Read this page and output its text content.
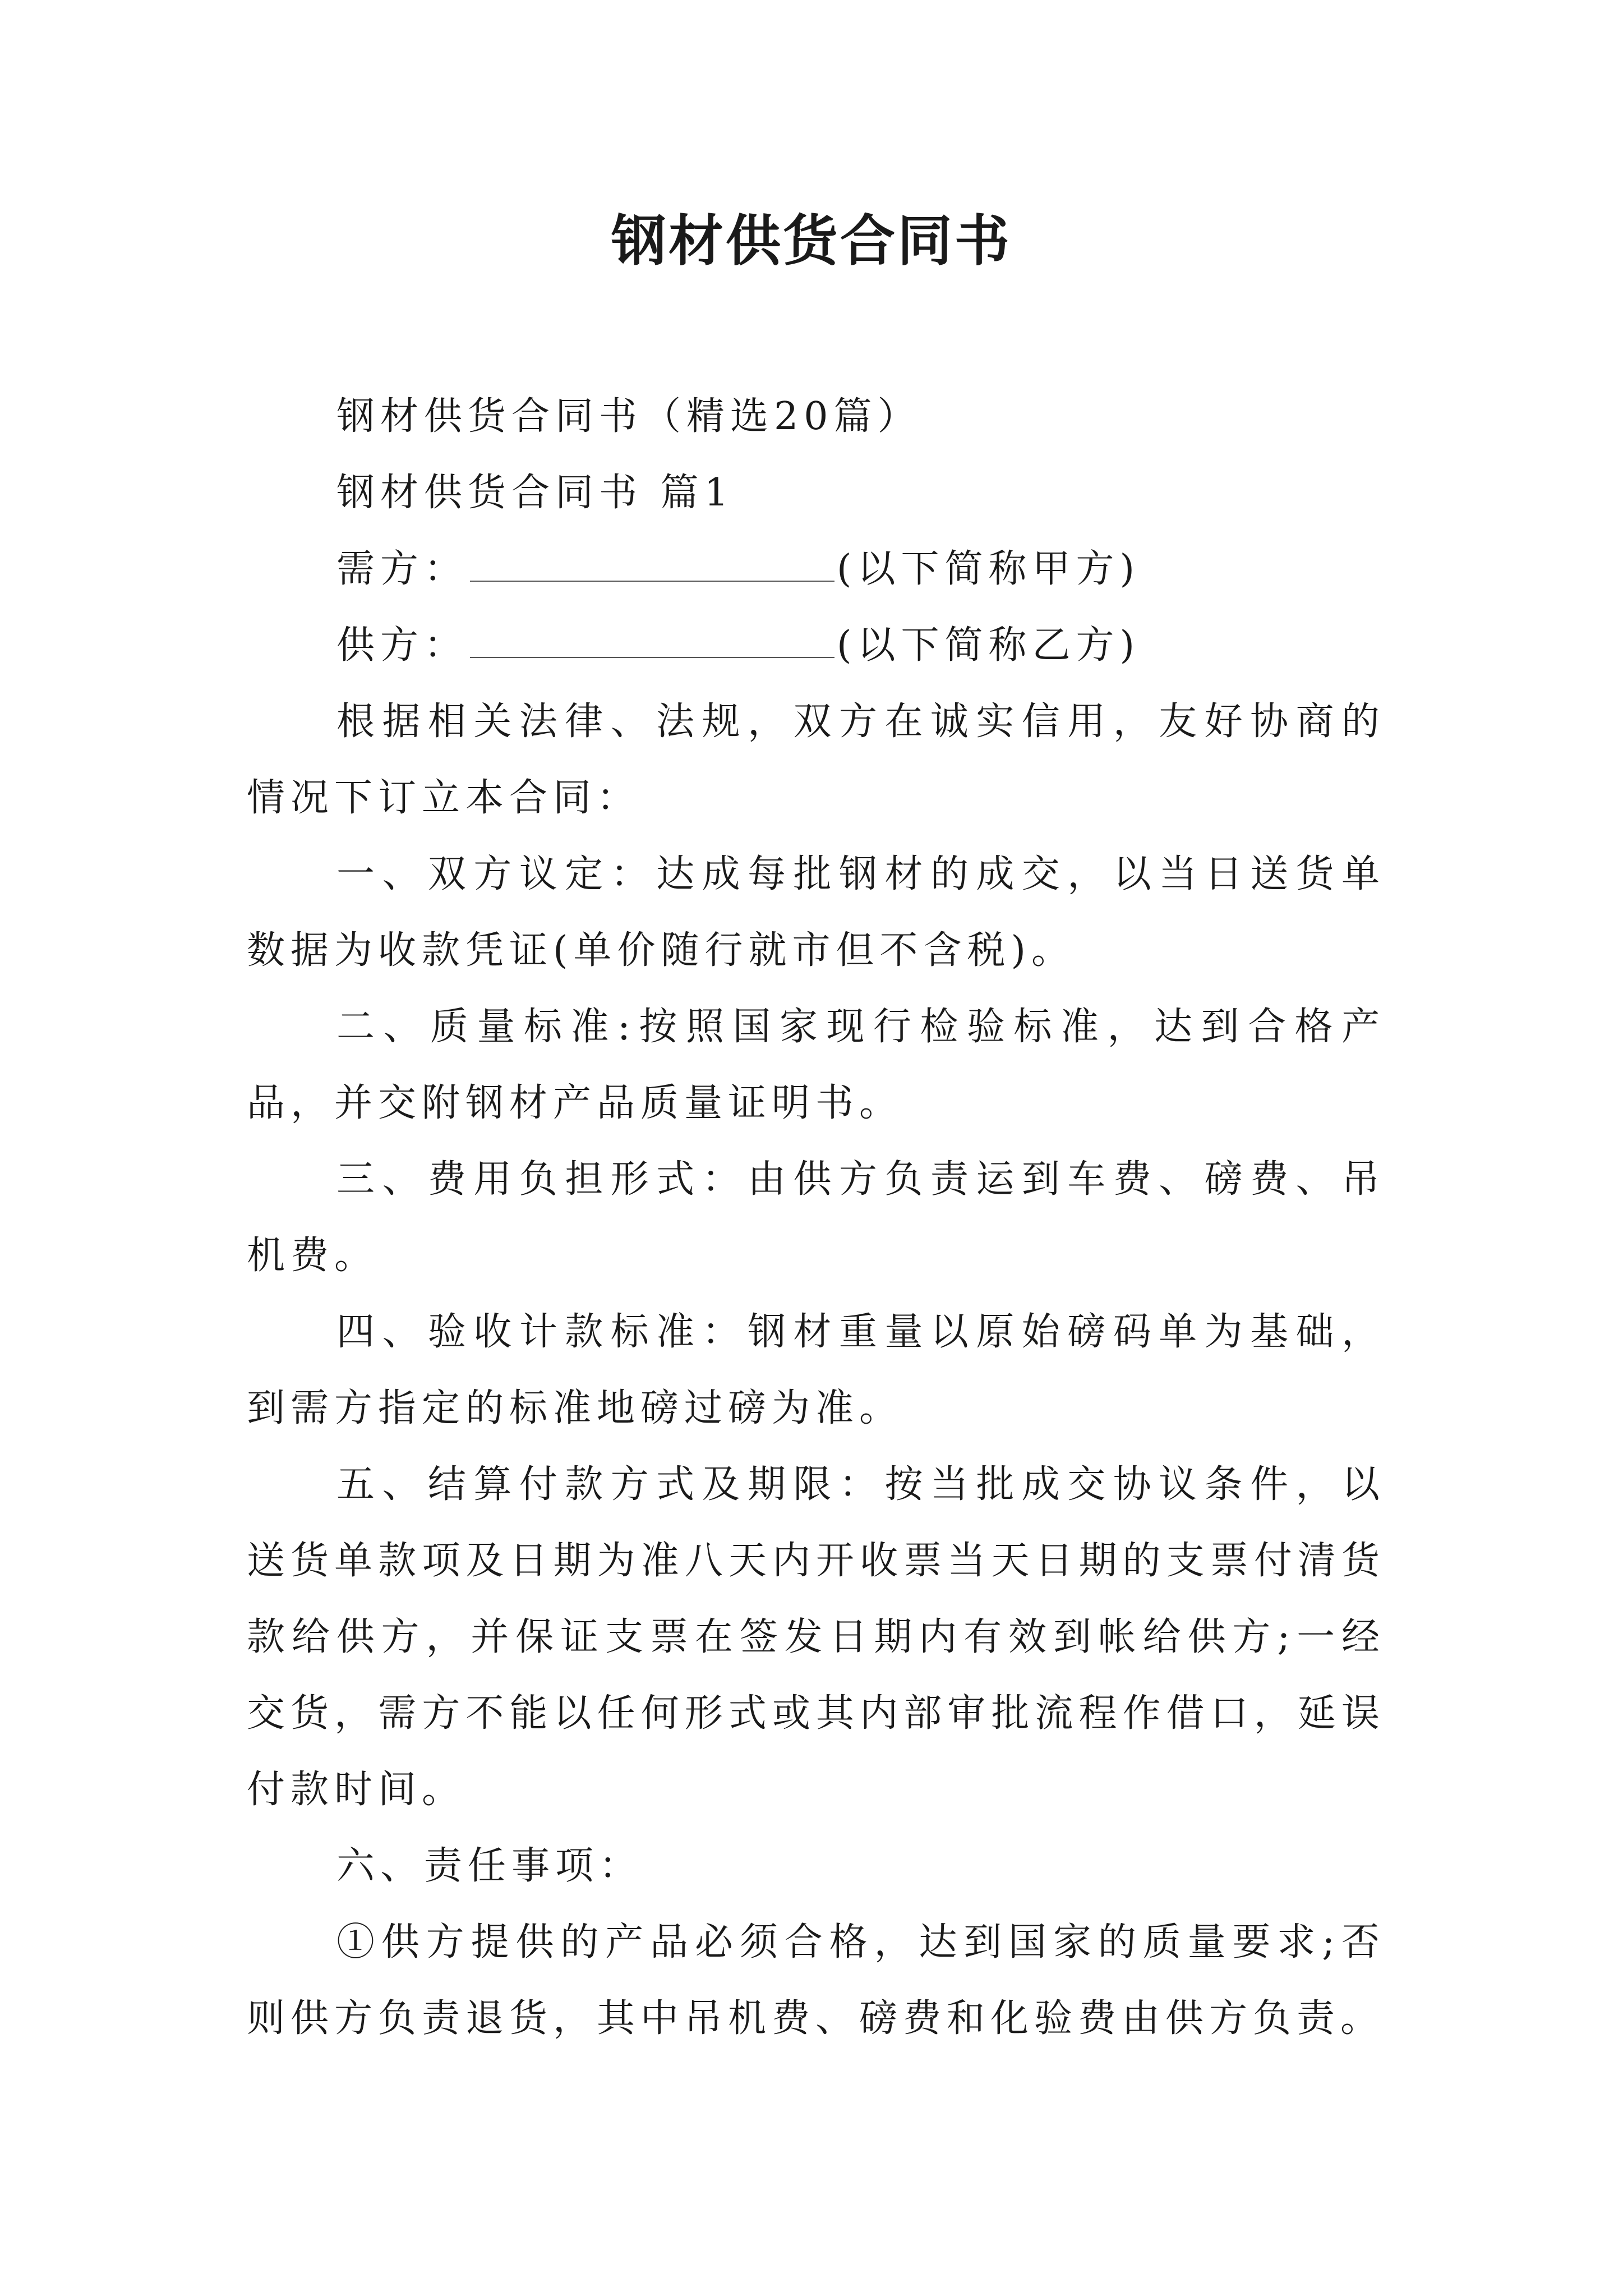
钢材供货合同书

钢材供货合同书（精选20篇）

钢材供货合同书 篇1

需方：	(以下简称甲方)

供方：	(以下简称乙方)

根据相关法律、法规，双方在诚实信用，友好协商的情况下订立本合同：

一、双方议定：达成每批钢材的成交，以当日送货单数据为收款凭证(单价随行就市但不含税)。

二、质量标准:按照国家现行检验标准，达到合格产品，并交附钢材产品质量证明书。

三、费用负担形式：由供方负责运到车费、磅费、吊机费。

四、验收计款标准：钢材重量以原始磅码单为基础，到需方指定的标准地磅过磅为准。

五、结算付款方式及期限：按当批成交协议条件，以送货单款项及日期为准八天内开收票当天日期的支票付清货款给供方，并保证支票在签发日期内有效到帐给供方;一经交货，需方不能以任何形式或其内部审批流程作借口，延误付款时间。

六、责任事项：

①供方提供的产品必须合格，达到国家的质量要求;否则供方负责退货，其中吊机费、磅费和化验费由供方负责。
